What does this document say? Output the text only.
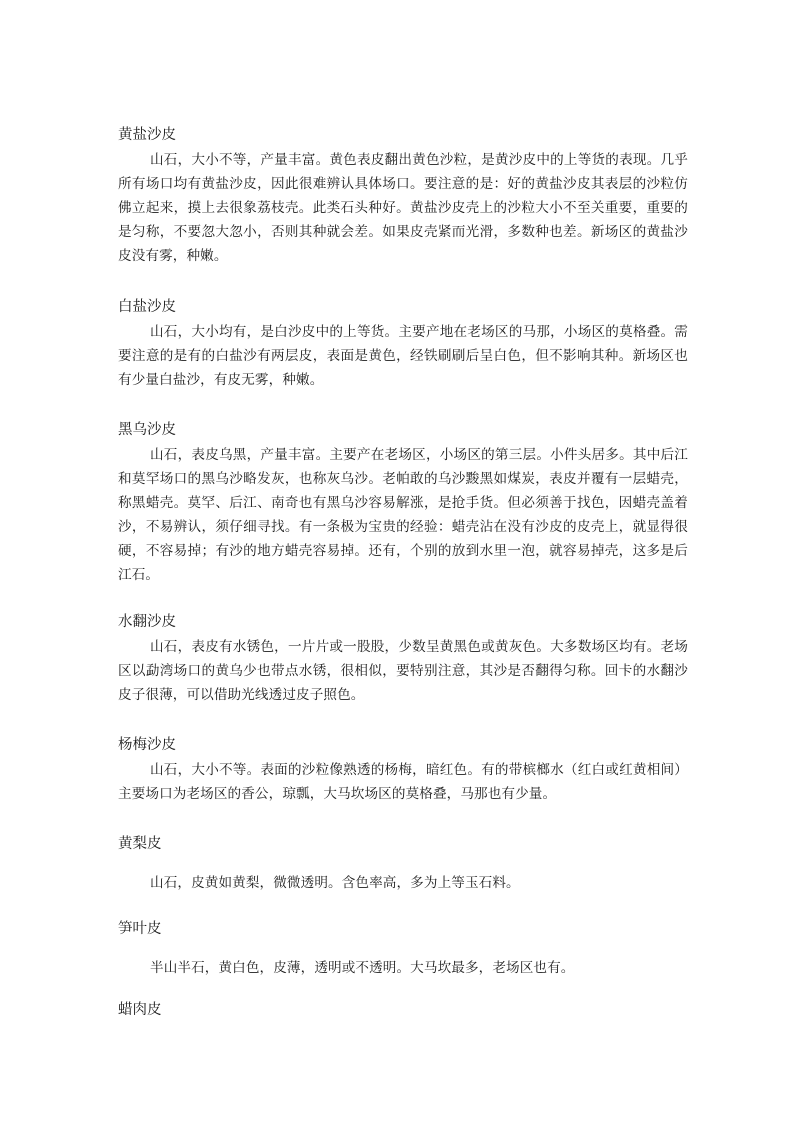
黄盐沙皮

山石，大小不等，产量丰富。黄色表皮翻出黄色沙粒，是黄沙皮中的上等货的表现。几乎所有场口均有黄盐沙皮，因此很难辨认具体场口。要注意的是：好的黄盐沙皮其表层的沙粒仿佛立起来，摸上去很象荔枝壳。此类石头种好。黄盐沙皮壳上的沙粒大小不至关重要，重要的是匀称，不要忽大忽小，否则其种就会差。如果皮壳紧而光滑，多数种也差。新场区的黄盐沙皮没有雾，种嫩。

白盐沙皮

山石，大小均有，是白沙皮中的上等货。主要产地在老场区的马那，小场区的莫格叠。需要注意的是有的白盐沙有两层皮，表面是黄色，经铁刷刷后呈白色，但不影响其种。新场区也有少量白盐沙，有皮无雾，种嫩。

黑乌沙皮

山石，表皮乌黑，产量丰富。主要产在老场区，小场区的第三层。小件头居多。其中后江和莫罕场口的黑乌沙略发灰，也称灰乌沙。老帕敢的乌沙黢黑如煤炭，表皮并覆有一层蜡壳，称黑蜡壳。莫罕、后江、南奇也有黑乌沙容易解涨，是抢手货。但必须善于找色，因蜡壳盖着沙，不易辨认，须仔细寻找。有一条极为宝贵的经验：蜡壳沾在没有沙皮的皮壳上，就显得很硬，不容易掉；有沙的地方蜡壳容易掉。还有，个别的放到水里一泡，就容易掉壳，这多是后江石。

水翻沙皮

山石，表皮有水锈色，一片片或一股股，少数呈黄黑色或黄灰色。大多数场区均有。老场区以勐湾场口的黄乌少也带点水锈，很相似，要特别注意，其沙是否翻得匀称。回卡的水翻沙皮子很薄，可以借助光线透过皮子照色。

杨梅沙皮

山石，大小不等。表面的沙粒像熟透的杨梅，暗红色。有的带槟榔水（红白或红黄相间）主要场口为老场区的香公，琼瓢，大马坎场区的莫格叠，马那也有少量。

黄梨皮

山石，皮黄如黄梨，微微透明。含色率高，多为上等玉石料。

笋叶皮

半山半石，黄白色，皮薄，透明或不透明。大马坎最多，老场区也有。

蜡肉皮
